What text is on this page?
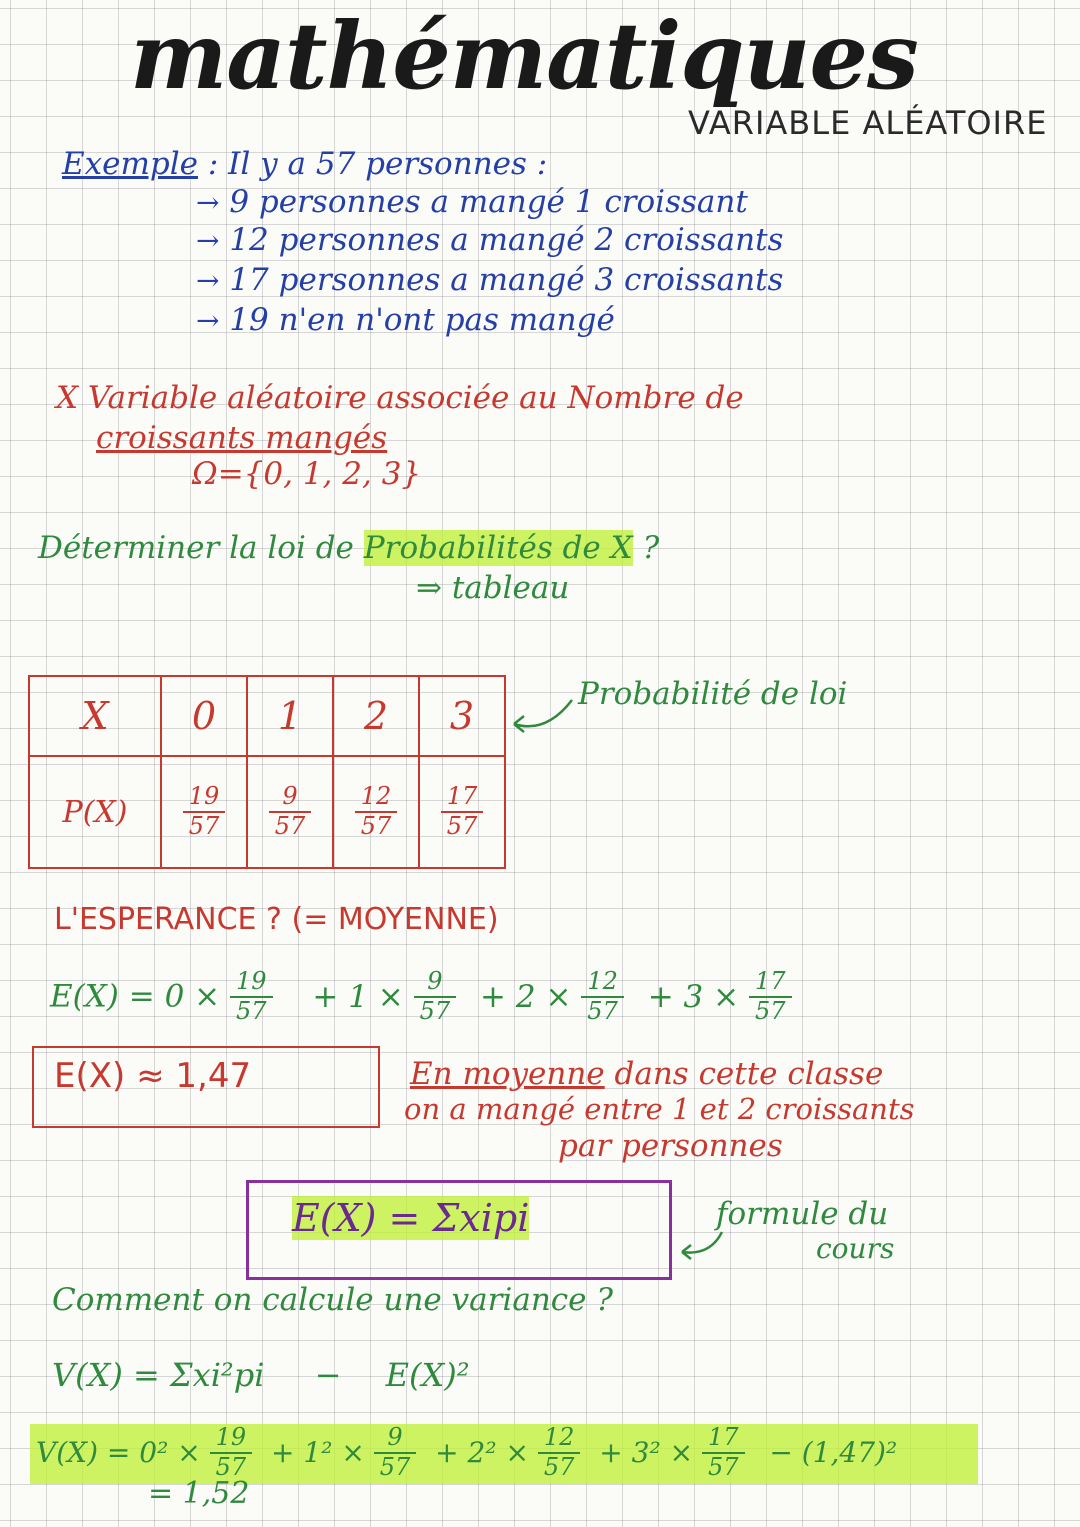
mathématiques
VARIABLE ALÉATOIRE
Exemple : Il y a 57 personnes :
→ 9 personnes a mangé 1 croissant
→ 12 personnes a mangé 2 croissants
→ 17 personnes a mangé 3 croissants
→ 19 n'en n'ont pas mangé
X Variable aléatoire associée au Nombre de
croissants mangés
Ω={0, 1, 2, 3}
Déterminer la loi de Probabilités de X ?
⇒ tableau
X	0	1	2	3
P(X)	$\frac{19}{57}$	$\frac{9}{57}$	$\frac{12}{57}$	$\frac{17}{57}$
Probabilité de loi
L'ESPERANCE ? (= MOYENNE)
$E(X) = 0 \times \frac{19}{57} + 1 \times \frac{9}{57} + 2 \times \frac{12}{57} + 3 \times \frac{17}{57}$
E(X) ≈ 1,47	En moyenne dans cette classe
on a mangé entre 1 et 2 croissants
par personnes
E(X) = Σxipi	formule du
cours
Comment on calcule une variance ?
V(X) = Σxi²pi − E(X)²
$V(X) = 0^2 \times \frac{19}{57} + 1^2 \times \frac{9}{57} + 2^2 \times \frac{12}{57} + 3^2 \times \frac{17}{57} - (1,47)^2$
= 1,52
